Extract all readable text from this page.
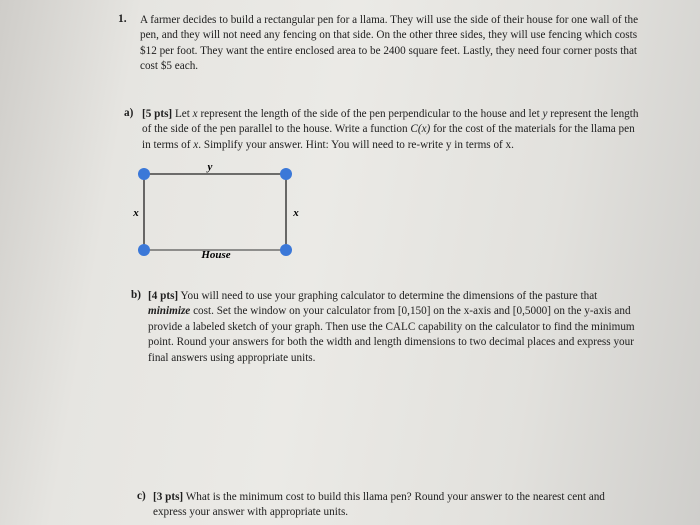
1. A farmer decides to build a rectangular pen for a llama. They will use the side of their house for one wall of the pen, and they will not need any fencing on that side. On the other three sides, they will use fencing which costs $12 per foot. They want the entire enclosed area to be 2400 square feet. Lastly, they need four corner posts that cost $5 each.
a) [5 pts] Let x represent the length of the side of the pen perpendicular to the house and let y represent the length of the side of the pen parallel to the house. Write a function C(x) for the cost of the materials for the llama pen in terms of x. Simplify your answer. Hint: You will need to re-write y in terms of x.
y
x	x
House
b) [4 pts] You will need to use your graphing calculator to determine the dimensions of the pasture that minimize cost. Set the window on your calculator from [0,150] on the x-axis and [0,5000] on the y-axis and provide a labeled sketch of your graph. Then use the CALC capability on the calculator to find the minimum point. Round your answers for both the width and length dimensions to two decimal places and express your final answers using appropriate units.
c) [3 pts] What is the minimum cost to build this llama pen? Round your answer to the nearest cent and express your answer with appropriate units.
